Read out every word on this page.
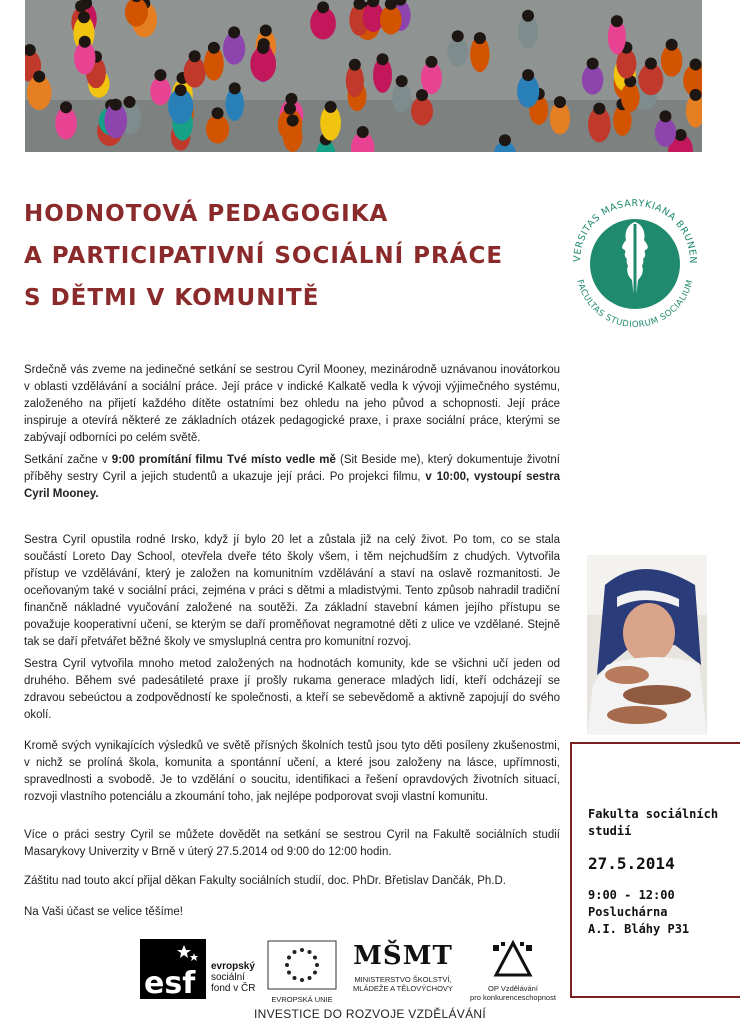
HODNOTOVÁ PEDAGOGIKA
A PARTICIPATIVNÍ SOCIÁLNÍ PRÁCE
S DĚTMI V KOMUNITĚ
VERSITAS MASARYKIANA BRUNEN
FACULTAS STUDIORUM SOCIALIUM

Srdečně vás zveme na jedinečné setkání se sestrou Cyril Mooney, mezinárodně uznávanou inovátorkou v oblasti vzdělávání a sociální práce. Její práce v indické Kalkatě vedla k vývoji výjimečného systému, založeného na přijetí každého dítěte ostatními bez ohledu na jeho původ a schopnosti. Její práce inspiruje a otevírá některé ze základních otázek pedagogické praxe, i praxe sociální práce, kterými se zabývají odborníci po celém světě.

Setkání začne v 9:00 promítání filmu Tvé místo vedle mě (Sit Beside me), který dokumentuje životní příběhy sestry Cyril a jejich studentů a ukazuje její práci. Po projekci filmu, v 10:00, vystoupí sestra Cyril Mooney.

Sestra Cyril opustila rodné Irsko, když jí bylo 20 let a zůstala již na celý život. Po tom, co se stala součástí Loreto Day School, otevřela dveře této školy všem, i těm nejchudším z chudých. Vytvořila přístup ve vzdělávání, který je založen na komunitním vzdělávání a staví na oslavě rozmanitosti. Je oceňovaným také v sociální práci, zejména v práci s dětmi a mladistvými. Tento způsob nahradil tradiční finančně nákladné vyučování založené na soutěži. Za základní stavební kámen jejího přístupu se považuje kooperativní učení, se kterým se daří proměňovat negramotné děti z ulice ve vzdělané. Stejně tak se daří přetvářet běžné školy ve smysluplná centra pro komunitní rozvoj.

Sestra Cyril vytvořila mnoho metod založených na hodnotách komunity, kde se všichni učí jeden od druhého. Během své padesátileté praxe jí prošly rukama generace mladých lidí, kteří odcházejí se zdravou sebeúctou a zodpovědností ke společnosti, a kteří se sebevědomě a aktivně zapojují do svého okolí.

Kromě svých vynikajících výsledků ve světě přísných školních testů jsou tyto děti posíleny zkušenostmi, v nichž se prolíná škola, komunita a spontánní učení, a které jsou založeny na lásce, upřímnosti, spravedlnosti a svobodě. Je to vzdělání o soucitu, identifikaci a řešení opravdových životních situací, rozvoji vlastního potenciálu a zkoumání toho, jak nejlépe podporovat svoji vlastní komunitu.

Více o práci sestry Cyril se můžete dovědět na setkání se sestrou Cyril na Fakultě sociálních studií Masarykovy Univerzity v Brně v úterý 27.5.2014 od 9:00 do 12:00 hodin.

Záštitu nad touto akcí přijal děkan Fakulty sociálních studií, doc. PhDr. Břetislav Dančák, Ph.D.

Na Vaši účast se velice těšíme!

Fakulta sociálních studií
27.5.2014
9:00 - 12:00
Posluchárna
A.I. Bláhy P31
esf evropský
sociální
fond v ČR
EVROPSKÁ UNIE
MŠMT
MINISTERSTVO ŠKOLSTVÍ,
MLÁDEŽE A TĚLOVÝCHOVY	OP Vzdělávání
pro konkurenceschopnost
INVESTICE DO ROZVOJE VZDĚLÁVÁNÍ
